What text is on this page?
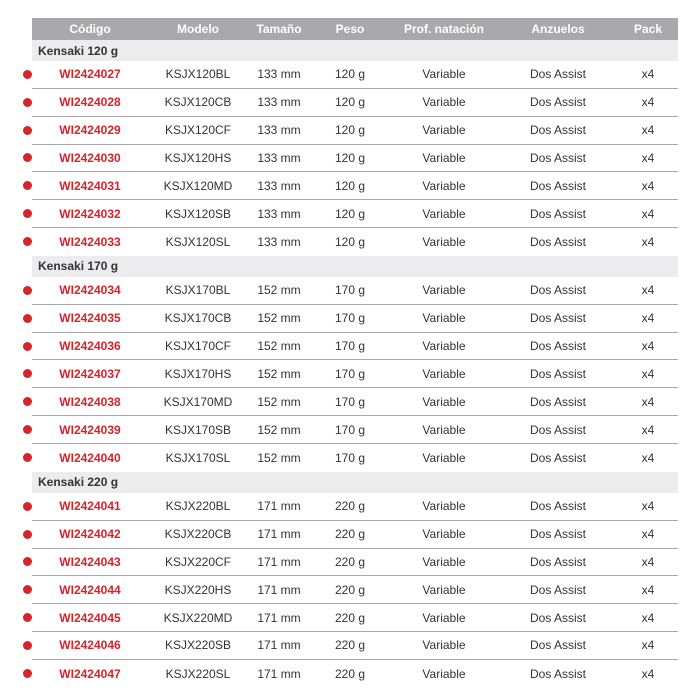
Código	Modelo	Tamaño	Peso	Prof. natación	Anzuelos	Pack
Kensaki 120 g
WI2424027	KSJX120BL	133 mm	120 g	Variable	Dos Assist	x4
WI2424028	KSJX120CB	133 mm	120 g	Variable	Dos Assist	x4
WI2424029	KSJX120CF	133 mm	120 g	Variable	Dos Assist	x4
WI2424030	KSJX120HS	133 mm	120 g	Variable	Dos Assist	x4
WI2424031	KSJX120MD	133 mm	120 g	Variable	Dos Assist	x4
WI2424032	KSJX120SB	133 mm	120 g	Variable	Dos Assist	x4
WI2424033	KSJX120SL	133 mm	120 g	Variable	Dos Assist	x4
Kensaki 170 g
WI2424034	KSJX170BL	152 mm	170 g	Variable	Dos Assist	x4
WI2424035	KSJX170CB	152 mm	170 g	Variable	Dos Assist	x4
WI2424036	KSJX170CF	152 mm	170 g	Variable	Dos Assist	x4
WI2424037	KSJX170HS	152 mm	170 g	Variable	Dos Assist	x4
WI2424038	KSJX170MD	152 mm	170 g	Variable	Dos Assist	x4
WI2424039	KSJX170SB	152 mm	170 g	Variable	Dos Assist	x4
WI2424040	KSJX170SL	152 mm	170 g	Variable	Dos Assist	x4
Kensaki 220 g
WI2424041	KSJX220BL	171 mm	220 g	Variable	Dos Assist	x4
WI2424042	KSJX220CB	171 mm	220 g	Variable	Dos Assist	x4
WI2424043	KSJX220CF	171 mm	220 g	Variable	Dos Assist	x4
WI2424044	KSJX220HS	171 mm	220 g	Variable	Dos Assist	x4
WI2424045	KSJX220MD	171 mm	220 g	Variable	Dos Assist	x4
WI2424046	KSJX220SB	171 mm	220 g	Variable	Dos Assist	x4
WI2424047	KSJX220SL	171 mm	220 g	Variable	Dos Assist	x4
